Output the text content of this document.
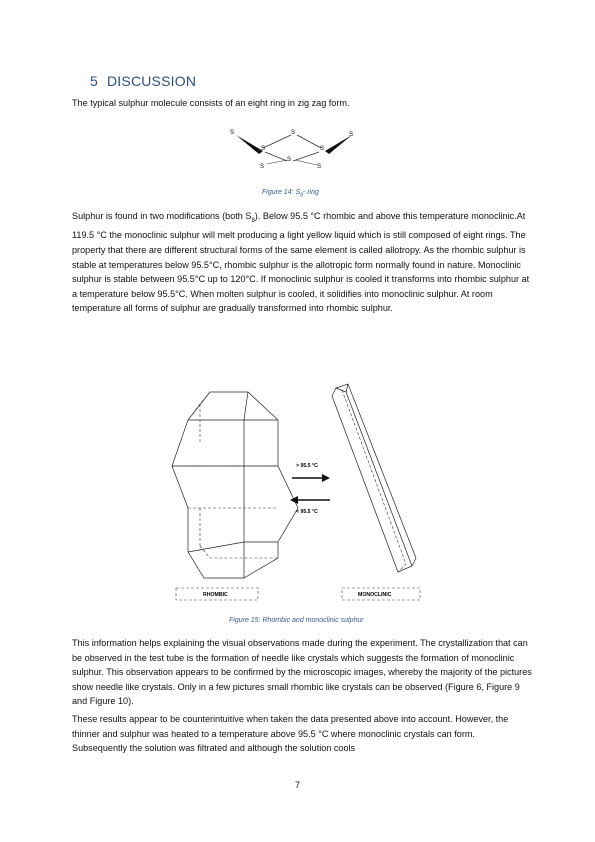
5 DISCUSSION

The typical sulphur molecule consists of an eight ring in zig zag form.

S	S	S
S	S
S
S
S
Figure 14: $S_8-$ ring

Sulphur is found in two modifications (both $S_8$). Below 95.5 °C rhombic and above this temperature monoclinic.At 119.5 °C the monoclinic sulphur will melt producing a light yellow liquid which is still composed of eight rings. The property that there are different structural forms of the same element is called allotropy. As the rhombic sulphur is stable at temperatures below 95.5°C, rhombic sulphur is the allotropic form normally found in nature. Monoclinic sulphur is stable between 95.5°C up to 120°C. If monoclinic sulphur is cooled it transforms into rhombic sulphur at a temperature below 95.5°C. When molten sulphur is cooled, it solidifies into monoclinic sulphur. At room temperature all forms of sulphur are gradually transformed into rhombic sulphur.

> 95.5 °C
< 95.5 °C
RHOMBIC	MONOCLINIC
Figure 15: Rhombic and monoclinic sulphur

This information helps explaining the visual observations made during the experiment. The crystallization that can be observed in the test tube is the formation of needle like crystals which suggests the formation of monoclinic sulphur. This observation appears to be confirmed by the microscopic images, whereby the majority of the pictures show needle like crystals. Only in a few pictures small rhombic like crystals can be observed (Figure 6, Figure 9 and Figure 10).

These results appear to be counterintuitive when taken the data presented above into account. However, the thinner and sulphur was heated to a temperature above 95.5 °C where monoclinic crystals can form. Subsequently the solution was filtrated and although the solution cools

7
